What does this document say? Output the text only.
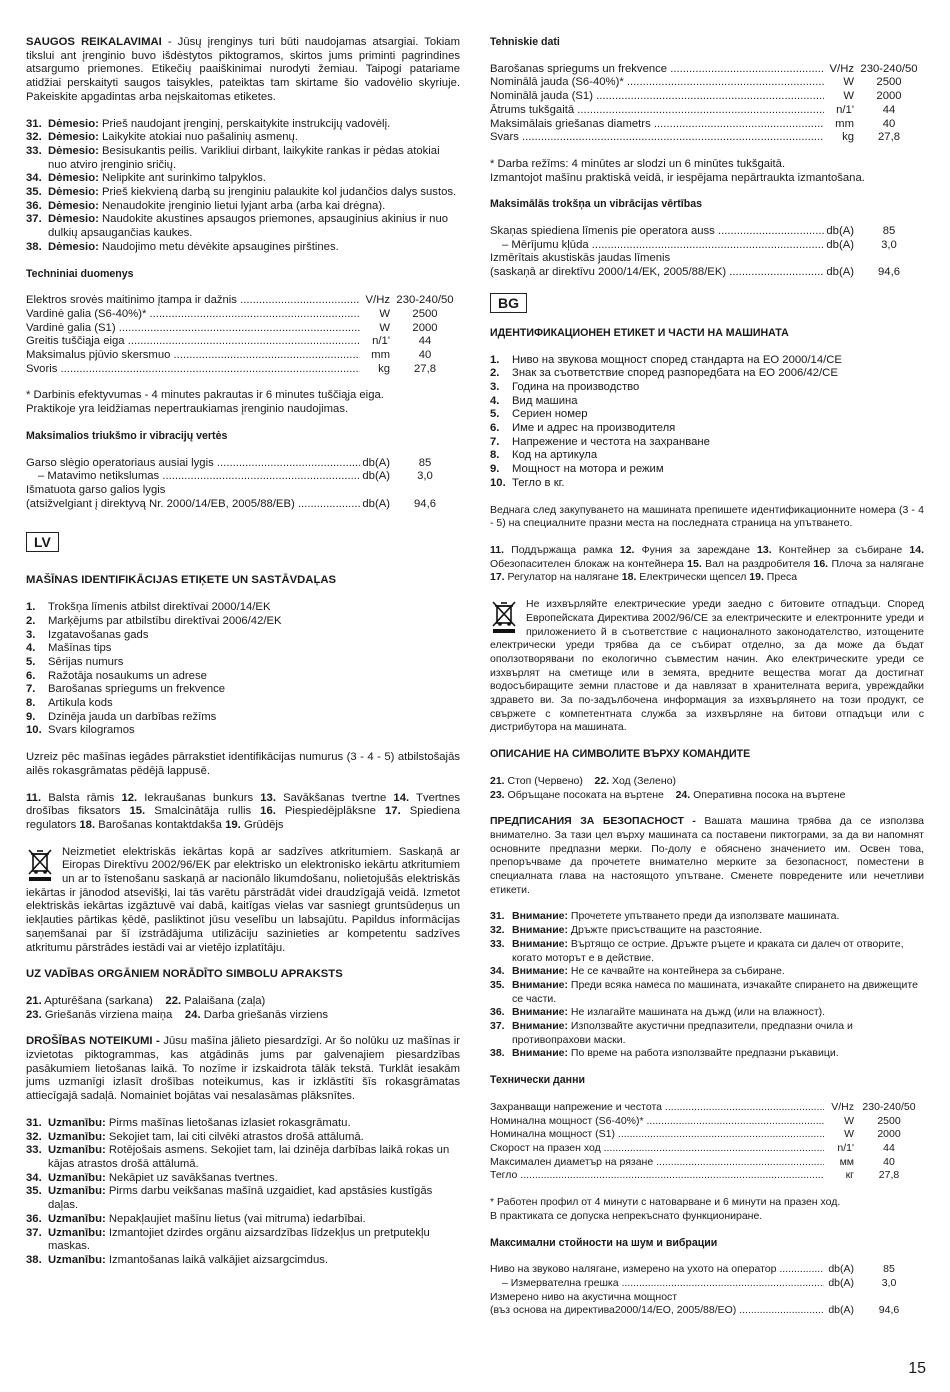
SAUGOS REIKALAVIMAI - Jūsų įrenginys turi būti naudojamas atsargiai. Tokiam tikslui ant įrenginio buvo išdėstytos piktogramos, skirtos jums priminti pagrindines atsargumo priemones. Etikečių paaiškinimai nurodyti žemiau. Taipogi patariame atidžiai perskaityti saugos taisykles, pateiktas tam skirtame šio vadovėlio skyriuje. Pakeiskite apgadintas arba neįskaitomas etiketes.

31. Dėmesio: Prieš naudojant įrenginį, perskaitykite instrukcijų vadovėlį.
32. Dėmesio: Laikykite atokiai nuo pašalinių asmenų.
33. Dėmesio: Besisukantis peilis. Varikliui dirbant, laikykite rankas ir pėdas atokiai nuo atviro įrenginio sričių.
34. Dėmesio: Nelipkite ant surinkimo talpyklos.
35. Dėmesio: Prieš kiekvieną darbą su įrenginiu palaukite kol judančios dalys sustos.
36. Dėmesio: Nenaudokite įrenginio lietui lyjant arba (arba kai drėgna).
37. Dėmesio: Naudokite akustines apsaugos priemones, apsauginius akinius ir nuo dulkių apsaugančias kaukes.
38. Dėmesio: Naudojimo metu dėvėkite apsaugines pirštines.
Techniniai duomenys
Elektros srovės maitinimo įtampa ir dažnis .....	V/Hz 230-240/50
Vardinė galia (S6-40%)* .....	W	2500
Vardinė galia (S1) .....	W	2000
Greitis tuščiąja eiga .....	n/1'	44
Maksimalus pjūvio skersmuo .....	mm	40
Svoris .....	kg	27,8
* Darbinis efektyvumas - 4 minutes pakrautas ir 6 minutes tuščiąja eiga.
Praktikoje yra leidžiamas nepertraukiamas įrenginio naudojimas.
Maksimalios triukšmo ir vibracijų vertės
Garso slėgio operatoriaus ausiai lygis .....	db(A)	85
– Matavimo netikslumas .....	db(A)	3,0
Išmatuota garso galios lygis
(atsižvelgiant į direktyvą Nr. 2000/14/EB, 2005/88/EB) .....	db(A)	94,6
LV
MAŠĪNAS IDENTIFIKĀCIJAS ETIĶETE UN SASTĀVDAĻAS
1. Trokšņa līmenis atbilst direktīvai 2000/14/EK
2. Marķējums par atbilstību direktīvai 2006/42/EK
3. Izgatavošanas gads
4. Mašīnas tips
5. Sērijas numurs
6. Ražotāja nosaukums un adrese
7. Barošanas spriegums un frekvence
8. Artikula kods
9. Dzinēja jauda un darbības režīms
10. Svars kilogramos

Uzreiz pēc mašīnas iegādes pārrakstiet identifikācijas numurus (3 - 4 - 5) atbilstošajās ailēs rokasgrāmatas pēdējā lappusē.

11. Balsta rāmis 12. Iekraušanas bunkurs 13. Savākšanas tvertne 14. Tvertnes drošības fiksators 15. Smalcinātāja rullis 16. Piespiedējplāksne 17. Spiediena regulators 18. Barošanas kontaktdakša 19. Grūdējs

Neizmetiet elektriskās iekārtas kopā ar sadzīves atkritumiem. Saskaņā ar Eiropas Direktīvu 2002/96/EK par elektrisko un elektronisko iekārtu atkritumiem un ar to īstenošanu saskaņā ar nacionālo likumdošanu, nolietojušās elektriskās iekārtas ir jānodod atsevišķi, lai tās varētu pārstrādāt videi draudzīgajā veidā. Izmetot elektriskās iekārtas izgāztuvē vai dabā, kaitīgas vielas var sasniegt gruntsūdeņus un iekļauties pārtikas ķēdē, pasliktinot jūsu veselību un labsajūtu. Papildus informācijas saņemšanai par šī izstrādājuma utilizāciju sazinieties ar kompetentu sadzīves atkritumu pārstrādes iestādi vai ar vietējo izplatītāju.
UZ VADĪBAS ORGĀNIEM NORĀDĪTO SIMBOLU APRAKSTS
21. Apturēšana (sarkana)    22. Palaišana (zaļa)
23. Griešanās virziena maiņa    24. Darba griešanās virziens

DROŠĪBAS NOTEIKUMI - Jūsu mašīna jālieto piesardzīgi. Ar šo nolūku uz mašīnas ir izvietotas piktogrammas, kas atgādinās jums par galvenajiem piesardzības pasākumiem lietošanas laikā. To nozīme ir izskaidrota tālāk tekstā. Turklāt iesakām jums uzmanīgi izlasīt drošības noteikumus, kas ir izklāstīti šīs rokasgrāmatas attiecīgajā sadaļā. Nomainiet bojātas vai nesalasāmas plāksnītes.

31. Uzmanību: Pirms mašīnas lietošanas izlasiet rokasgrāmatu.
32. Uzmanību: Sekojiet tam, lai citi cilvēki atrastos drošā attālumā.
33. Uzmanību: Rotējošais asmens. Sekojiet tam, lai dzinēja darbības laikā rokas un kājas atrastos drošā attālumā.
34. Uzmanību: Nekāpiet uz savākšanas tvertnes.
35. Uzmanību: Pirms darbu veikšanas mašīnā uzgaidiet, kad apstāsies kustīgās daļas.
36. Uzmanību: Nepakļaujiet mašīnu lietus (vai mitruma) iedarbībai.
37. Uzmanību: Izmantojiet dzirdes orgānu aizsardzības līdzekļus un pretputekļu maskas.
38. Uzmanību: Izmantošanas laikā valkājiet aizsargcimdus.
Tehniskie dati
Barošanas spriegums un frekvence .....	V/Hz 230-240/50
Nominālā jauda (S6-40%)* .....	W	2500
Nominālā jauda (S1) .....	W	2000
Ātrums tukšgaitā .....	n/1'	44
Maksimālais griešanas diametrs .....	mm	40
Svars .....	kg	27,8
* Darba režīms: 4 minūtes ar slodzi un 6 minūtes tukšgaitā.
Izmantojot mašīnu praktiskā veidā, ir iespējama nepārtraukta izmantošana.
Maksimālās trokšņa un vibrācijas vērtības
Skaņas spiediena līmenis pie operatora auss .....	db(A)	85
– Mērījumu kļūda .....	db(A)	3,0
Izmērītais akustiskās jaudas līmenis
(saskaņā ar direktīvu 2000/14/EK, 2005/88/EK) .....	db(A)	94,6
BG
ИДЕНТИФИКАЦИОНЕН ЕТИКЕТ И ЧАСТИ НА МАШИНАТА
1. Ниво на звукова мощност според стандарта на ЕО 2000/14/CE
2. Знак за съответствие според разпоредбата на ЕО 2006/42/CE
3. Година на производство
4. Вид машина
5. Сериен номер
6. Име и адрес на производителя
7. Напрежение и честота на захранване
8. Код на артикула
9. Мощност на мотора и режим
10. Тегло в кг.

Веднага след закупуването на машината препишете идентификационните номера (3 - 4 - 5) на специалните празни места на последната страница на упътването.

11. Поддържаща рамка 12. Фуния за зареждане 13. Контейнер за събиране 14. Обезопасителен блокаж на контейнера 15. Вал на раздробителя 16. Плоча за налягане 17. Регулатор на налягане 18. Електрически щепсел 19. Преса

Не изхвърляйте електрические уреди заедно с битовите отпадъци. Според Европейската Директива 2002/96/CE за електрическите и електронните уреди и приложението й в съответствие с националното законодателство, изтощените електрически уреди трябва да се събират отделно, за да може да бъдат оползотворявани по екологично съвместим начин. Ако електрическите уреди се изхвърлят на сметище или в земята, вредните вещества могат да достигнат водосъбиращите земни пластове и да навлязат в хранителната верига, увреждайки здравето ви. За по-задълбочена информация за изхвърлянето на този продукт, се свържете с компетентната служба за изхвърляне на битови отпадъци или с дистрибутора на машината.
ОПИСАНИЕ НА СИМВОЛИТЕ ВЪРХУ КОМАНДИТЕ
21. Стоп (Червено)    22. Ход (Зелено)
23. Обръщане посоката на въртене    24. Оперативна посока на въртене

ПРЕДПИСАНИЯ ЗА БЕЗОПАСНОСТ - Вашата машина трябва да се използва внимателно. За тази цел върху машината са поставени пиктограми, за да ви напомнят основните предпазни мерки. По-долу е обяснено значението им. Освен това, препоръчваме да прочетете внимателно мерките за безопасност, поместени в специалната глава на настоящото упътване. Сменете повредените или нечетливи етикети.

31. Внимание: Прочетете упътването преди да използвате машината.
32. Внимание: Дръжте присъстващите на разстояние.
33. Внимание: Въртящо се острие. Дръжте ръцете и краката си далеч от отворите, когато моторът е в действие.
34. Внимание: Не се качвайте на контейнера за събиране.
35. Внимание: Преди всяка намеса по машината, изчакайте спирането на движещите се части.
36. Внимание: Не излагайте машината на дъжд (или на влажност).
37. Внимание: Използвайте акустични предпазители, предпазни очила и противопрахови маски.
38. Внимание: По време на работа използвайте предпазни ръкавици.
Технически данни
Захранващи напрежение и честота .....	V/Hz 230-240/50
Номинална мощност (S6-40%)* .....	W	2500
Номинална мощност (S1) .....	W	2000
Скорост на празен ход .....	n/1'	44
Максимален диаметър на рязане .....	мм	40
Тегло .....	кг	27,8
* Работен профил от 4 минути с натоварване и 6 минути на празен ход.
В практиката се допуска непрекъснато функциониране.
Максимални стойности на шум и вибрации
Ниво на звуково налягане, измерено на ухото на оператор .....	db(A)	85
– Измервателна грешка .....	db(A)	3,0
Измерено ниво на акустична мощност
(въз основа на директива2000/14/EO, 2005/88/EO) .....	db(A)	94,6
15
